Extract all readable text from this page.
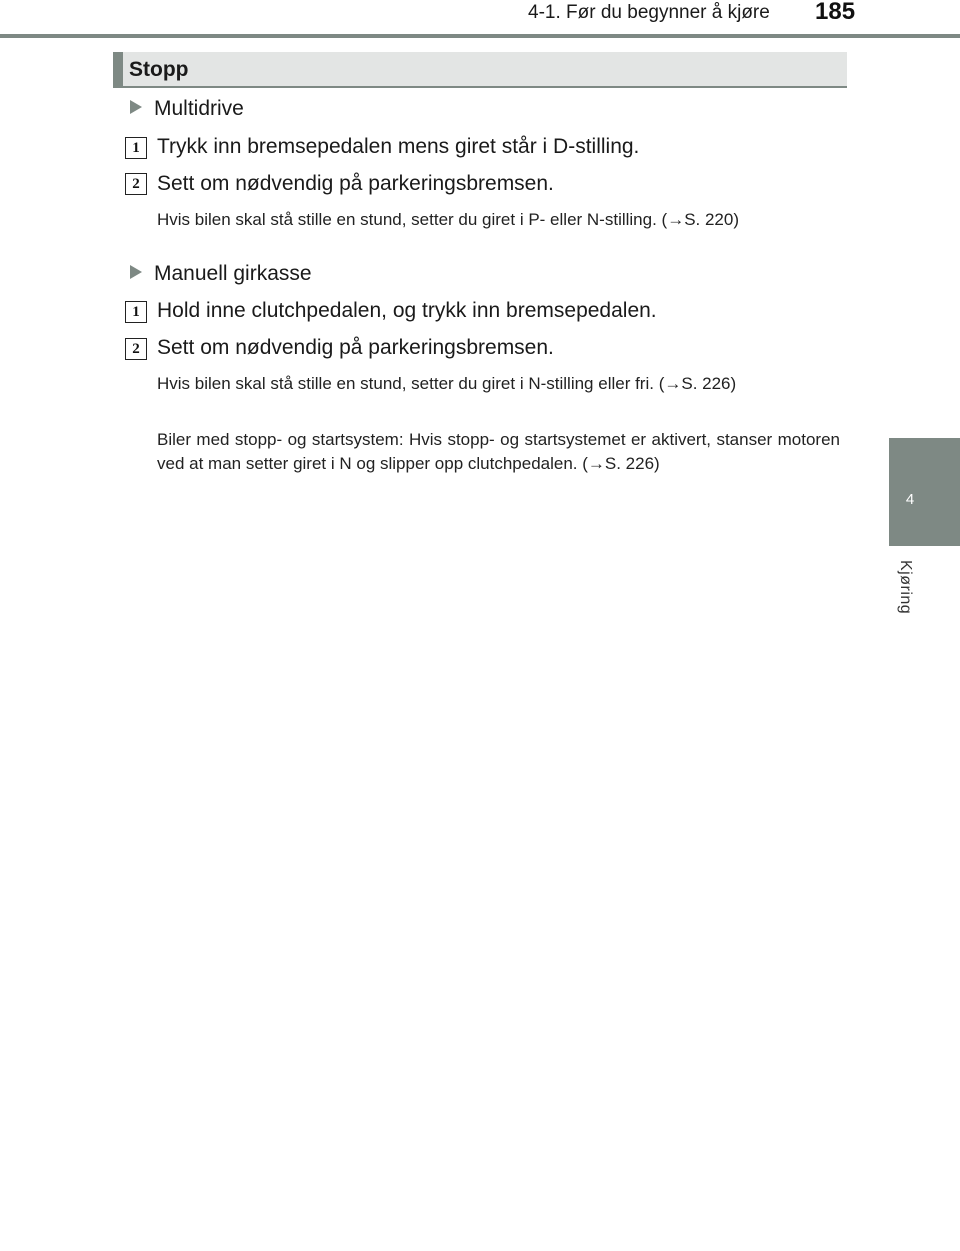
4-1. Før du begynner å kjøre 185
4
Kjøring
Stopp
Multidrive
1 Trykk inn bremsepedalen mens giret står i D-stilling.
2 Sett om nødvendig på parkeringsbremsen.
Hvis bilen skal stå stille en stund, setter du giret i P- eller N-stilling. (→S. 220)
Manuell girkasse
1 Hold inne clutchpedalen, og trykk inn bremsepedalen.
2 Sett om nødvendig på parkeringsbremsen.
Hvis bilen skal stå stille en stund, setter du giret i N-stilling eller fri. (→S. 226)
Biler med stopp- og startsystem: Hvis stopp- og startsystemet er aktivert, stanser motoren ved at man setter giret i N og slipper opp clutchpedalen. (→S. 226)
